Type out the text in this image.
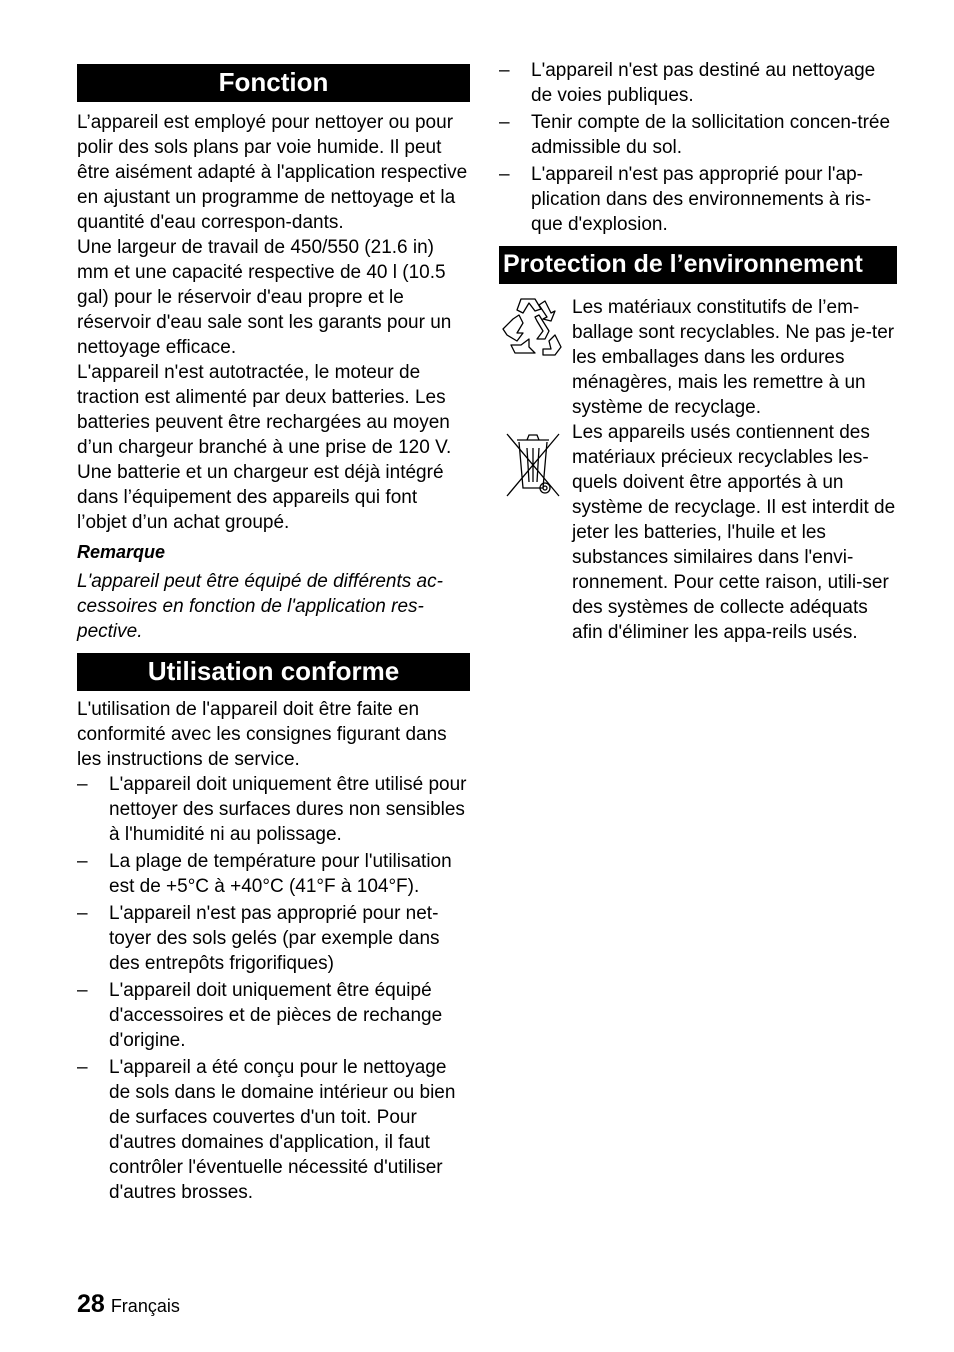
Fonction

L’appareil est employé pour nettoyer ou pour polir des sols plans par voie humide. Il peut être aisément adapté à l'application respective en ajustant un programme de nettoyage et la quantité d'eau correspon-dants.

Une largeur de travail de 450/550 (21.6 in) mm et une capacité respective de 40 l (10.5 gal) pour le réservoir d'eau propre et le réservoir d'eau sale sont les garants pour un nettoyage efficace.

L'appareil n'est autotractée, le moteur de traction est alimenté par deux batteries. Les batteries peuvent être rechargées au moyen d’un chargeur branché à une prise de 120 V.

Une batterie et un chargeur est déjà intégré dans l’équipement des appareils qui font l’objet d’un achat groupé.

Remarque

L'appareil peut être équipé de différents ac-cessoires en fonction de l'application res-pective.

Utilisation conforme

L'utilisation de l'appareil doit être faite en conformité avec les consignes figurant dans les instructions de service.

–	L'appareil doit uniquement être utilisé pour nettoyer des surfaces dures non sensibles à l'humidité ni au polissage.
–	La plage de température pour l'utilisation est de +5°C à +40°C (41°F à 104°F).
–	L'appareil n'est pas approprié pour net-toyer des sols gelés (par exemple dans des entrepôts frigorifiques)
–	L'appareil doit uniquement être équipé d'accessoires et de pièces de rechange d'origine.
–	L'appareil a été conçu pour le nettoyage de sols dans le domaine intérieur ou bien de surfaces couvertes d'un toit. Pour d'autres domaines d'application, il faut contrôler l'éventuelle nécessité d'utiliser d'autres brosses.
–	L'appareil n'est pas destiné au nettoyage de voies publiques.
–	Tenir compte de la sollicitation concen-trée admissible du sol.
–	L'appareil n'est pas approprié pour l'ap-plication dans des environnements à ris-que d'explosion.
Protection de l’environnement

Les matériaux constitutifs de l’em-ballage sont recyclables. Ne pas je-ter les emballages dans les ordures ménagères, mais les remettre à un système de recyclage.

Les appareils usés contiennent des matériaux précieux recyclables les-quels doivent être apportés à un système de recyclage. Il est interdit de jeter les batteries, l'huile et les substances similaires dans l'envi-ronnement. Pour cette raison, utili-ser des systèmes de collecte adéquats afin d'éliminer les appa-reils usés.

28 Français
